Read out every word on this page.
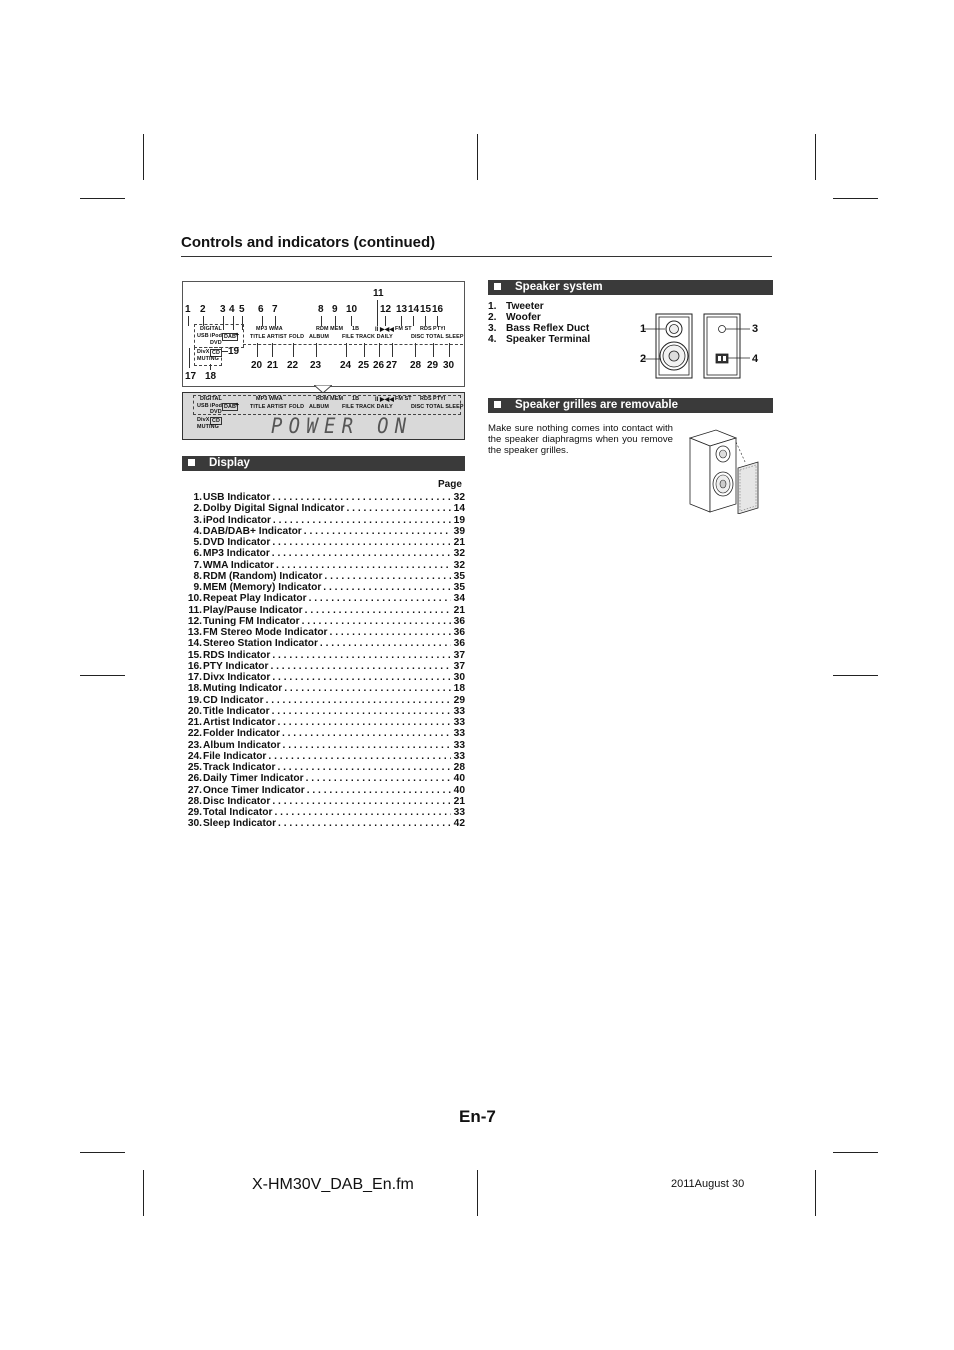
Controls and indicators (continued)
1 2 3 4 5 6 7	8 9 10
11
12 13 14 15 16
DIGITAL
USB iPod DAB +
DVD
MP3 WMA
TITLE ARTIST FOLD ALBUM
RDM MEM 1B
FILE TRACK DAILY
FM ST RDS PTYI
DISC TOTAL SLEEP
II ▶◀◀
DivX CD
MUTING
19
17 18
20 21 22 23 24 25 26 27 28 29 30
DIGITAL
USB iPod DAB +
DVD
MP3 WMA
TITLE ARTIST FOLD ALBUM
RDM MEM 1B
FILE TRACK DAILY
FM ST RDS PTYI
DISC TOTAL SLEEP
II ▶◀◀
DivX CD
MUTING POWER ON
Display
Page
1. USB Indicator . . .	32
2. Dolby Digital Signal Indicator . . .	14
3. iPod Indicator . . .	19
4. DAB/DAB+ Indicator . . .	39
5. DVD Indicator . . .	21
6. MP3 Indicator . . .	32
7. WMA Indicator . . .	32
8. RDM (Random) Indicator . . .	35
9. MEM (Memory) Indicator . . .	35
10. Repeat Play Indicator . . .	34
11. Play/Pause Indicator . . .	21
12. Tuning FM Indicator . . .	36
13. FM Stereo Mode Indicator . . .	36
14. Stereo Station Indicator . . .	36
15. RDS Indicator . . .	37
16. PTY Indicator . . .	37
17. Divx Indicator . . .	30
18. Muting Indicator . . .	18
19. CD Indicator . . .	29
20. Title Indicator . . .	33
21. Artist Indicator . . .	33
22. Folder Indicator . . .	33
23. Album Indicator . . .	33
24. File Indicator . . .	33
25. Track Indicator . . .	28
26. Daily Timer Indicator . . .	40
27. Once Timer Indicator . . .	40
28. Disc Indicator . . .	21
29. Total Indicator . . .	33
30. Sleep Indicator . . .	42
Speaker system
1. Tweeter
2. Woofer
3. Bass Reflex Duct
4. Speaker Terminal
1
2
3
4
Speaker grilles are removable
Make sure nothing comes into contact with the speaker diaphragms when you remove the speaker grilles.
En-7
X-HM30V_DAB_En.fm	2011August 30
